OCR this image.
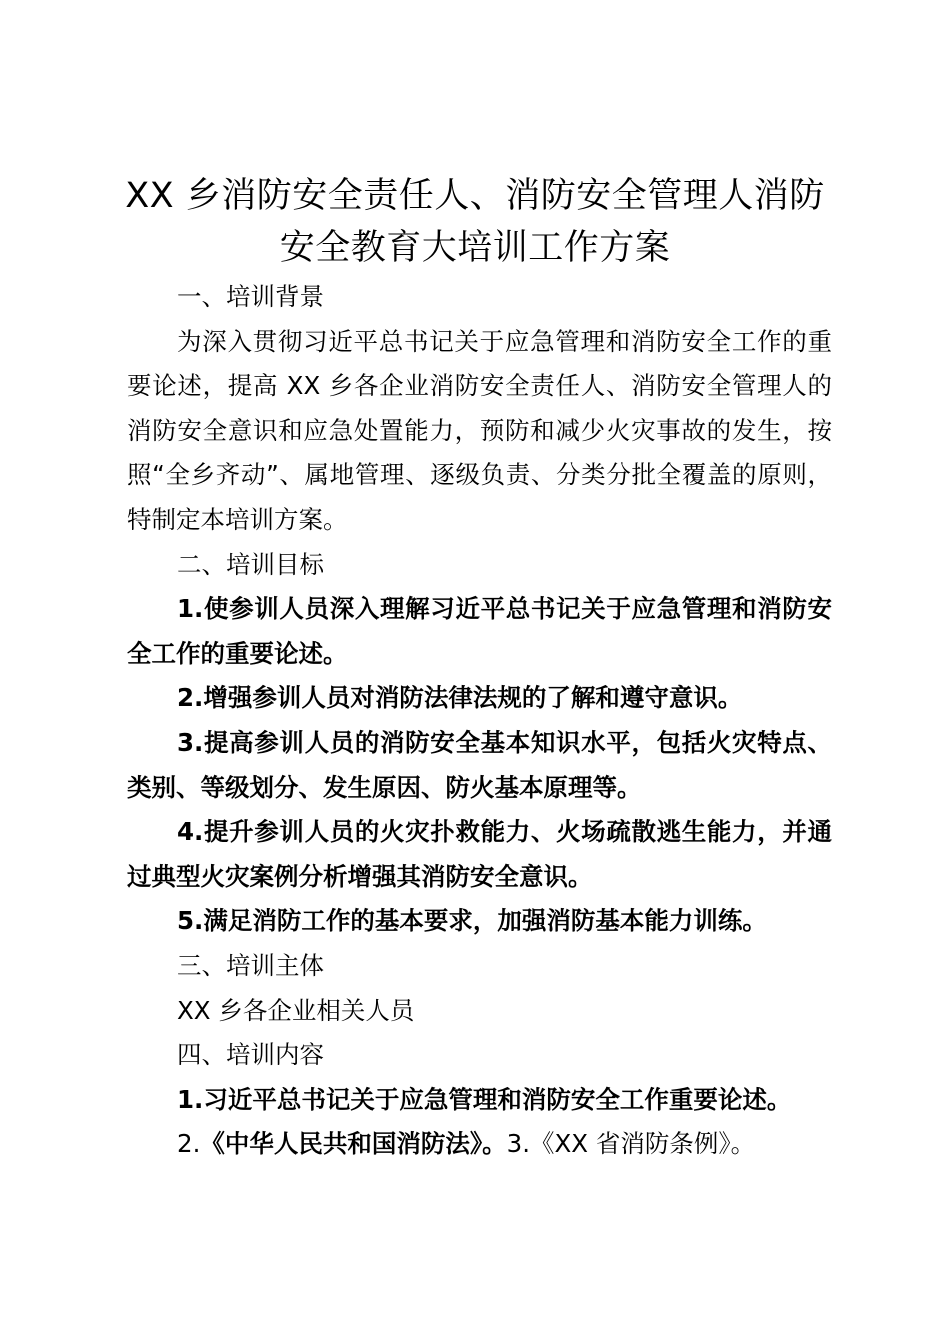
XX 乡消防安全责任人、消防安全管理人消防
安全教育大培训工作方案

一、培训背景

为深入贯彻习近平总书记关于应急管理和消防安全工作的重要论述，提高 XX 乡各企业消防安全责任人、消防安全管理人的消防安全意识和应急处置能力，预防和减少火灾事故的发生，按照“全乡齐动”、属地管理、逐级负责、分类分批全覆盖的原则，特制定本培训方案。

二、培训目标

1.使参训人员深入理解习近平总书记关于应急管理和消防安全工作的重要论述。

2.增强参训人员对消防法律法规的了解和遵守意识。

3.提高参训人员的消防安全基本知识水平，包括火灾特点、类别、等级划分、发生原因、防火基本原理等。

4.提升参训人员的火灾扑救能力、火场疏散逃生能力，并通过典型火灾案例分析增强其消防安全意识。

5.满足消防工作的基本要求，加强消防基本能力训练。

三、培训主体

XX 乡各企业相关人员

四、培训内容

1.习近平总书记关于应急管理和消防安全工作重要论述。

2.《中华人民共和国消防法》。3.《XX 省消防条例》。
